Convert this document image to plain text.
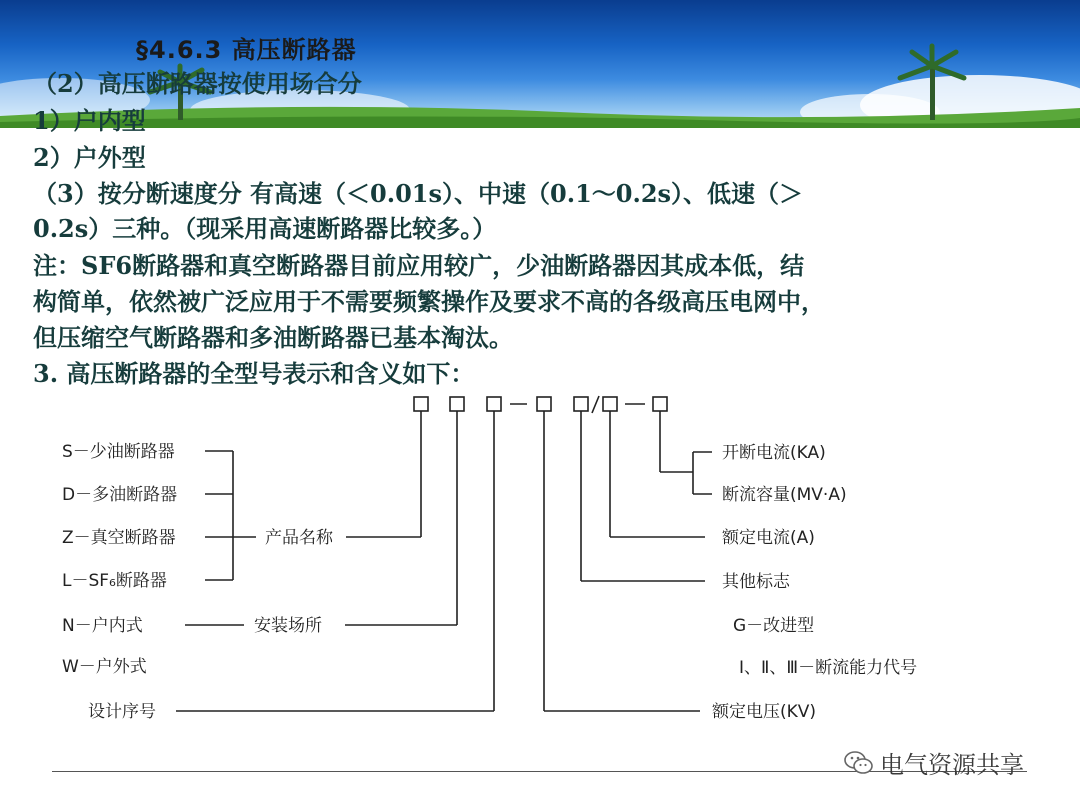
§4.6.3 高压断路器
（2）高压断路器按使用场合分
1）户内型
2）户外型
（3）按分断速度分 有高速（＜0.01s）、中速（0.1～0.2s）、低速（＞
0.2s）三种。（现采用高速断路器比较多。）
注：SF6断路器和真空断路器目前应用较广，少油断路器因其成本低，结
构简单，依然被广泛应用于不需要频繁操作及要求不高的各级高压电网中，
但压缩空气断路器和多油断路器已基本淘汰。
3. 高压断路器的全型号表示和含义如下：
S－少油断路器
D－多油断路器
Z－真空断路器
L－SF₆断路器
产品名称
N－户内式
W－户外式
安装场所
设计序号
开断电流(KA)
断流容量(MV·A)
额定电流(A)
其他标志
G－改进型
Ⅰ、Ⅱ、Ⅲ－断流能力代号
额定电压(KV)
电气资源共享
